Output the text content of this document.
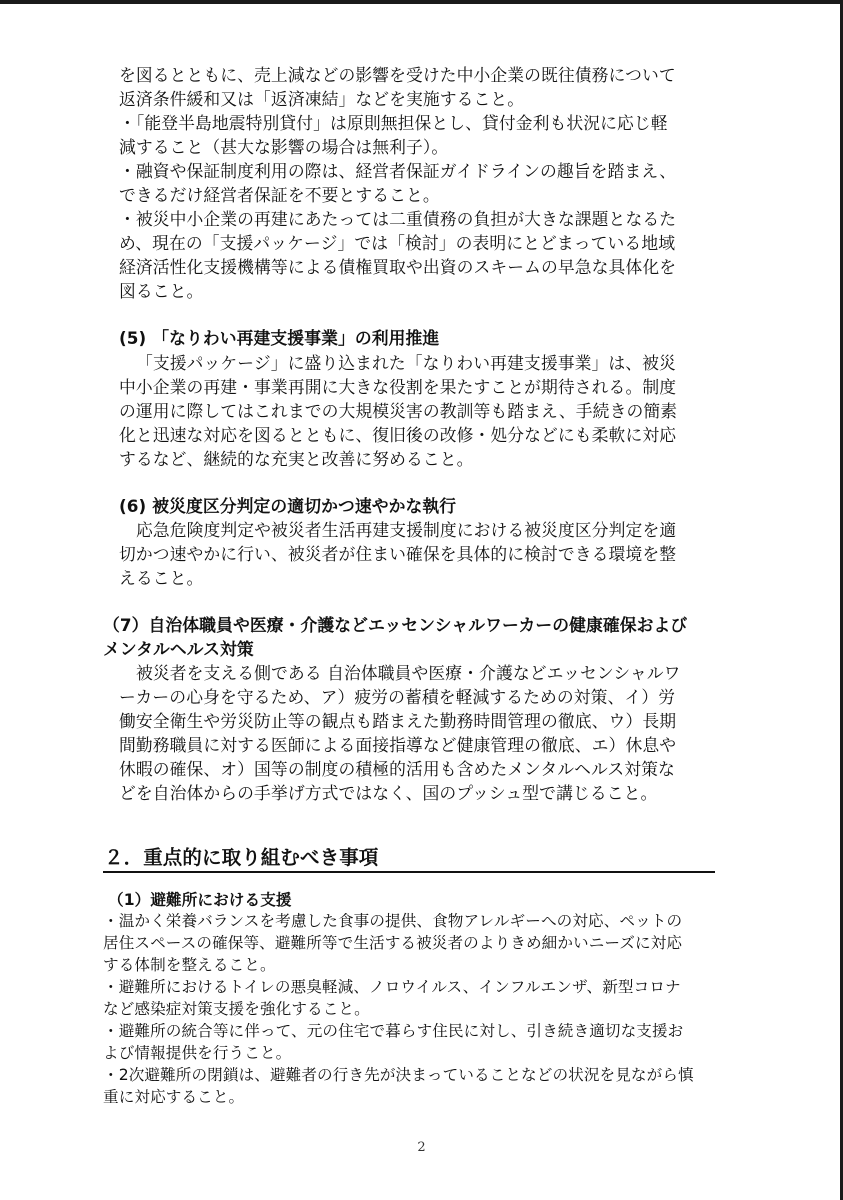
を図るとともに、売上減などの影響を受けた中小企業の既往債務について

返済条件緩和又は「返済凍結」などを実施すること。

・「能登半島地震特別貸付」は原則無担保とし、貸付金利も状況に応じ軽

減すること（甚大な影響の場合は無利子）。

・融資や保証制度利用の際は、経営者保証ガイドラインの趣旨を踏まえ、

できるだけ経営者保証を不要とすること。

・被災中小企業の再建にあたっては二重債務の負担が大きな課題となるた

め、現在の「支援パッケージ」では「検討」の表明にとどまっている地域

経済活性化支援機構等による債権買取や出資のスキームの早急な具体化を

図ること。

(5) 「なりわい再建支援事業」の利用推進

「支援パッケージ」に盛り込まれた「なりわい再建支援事業」は、被災

中小企業の再建・事業再開に大きな役割を果たすことが期待される。制度

の運用に際してはこれまでの大規模災害の教訓等も踏まえ、手続きの簡素

化と迅速な対応を図るとともに、復旧後の改修・処分などにも柔軟に対応

するなど、継続的な充実と改善に努めること。

(6) 被災度区分判定の適切かつ速やかな執行

応急危険度判定や被災者生活再建支援制度における被災度区分判定を適

切かつ速やかに行い、被災者が住まい確保を具体的に検討できる環境を整

えること。

（7）自治体職員や医療・介護などエッセンシャルワーカーの健康確保および

メンタルヘルス対策

被災者を支える側である 自治体職員や医療・介護などエッセンシャルワ

ーカーの心身を守るため、ア）疲労の蓄積を軽減するための対策、イ）労

働安全衛生や労災防止等の観点も踏まえた勤務時間管理の徹底、ウ）長期

間勤務職員に対する医師による面接指導など健康管理の徹底、エ）休息や

休暇の確保、オ）国等の制度の積極的活用も含めたメンタルヘルス対策な

どを自治体からの手挙げ方式ではなく、国のプッシュ型で講じること。

２．重点的に取り組むべき事項

（1）避難所における支援

・温かく栄養バランスを考慮した食事の提供、食物アレルギーへの対応、ペットの

居住スペースの確保等、避難所等で生活する被災者のよりきめ細かいニーズに対応

する体制を整えること。

・避難所におけるトイレの悪臭軽減、ノロウイルス、インフルエンザ、新型コロナ

など感染症対策支援を強化すること。

・避難所の統合等に伴って、元の住宅で暮らす住民に対し、引き続き適切な支援お

よび情報提供を行うこと。

・2次避難所の閉鎖は、避難者の行き先が決まっていることなどの状況を見ながら慎

重に対応すること。

2
